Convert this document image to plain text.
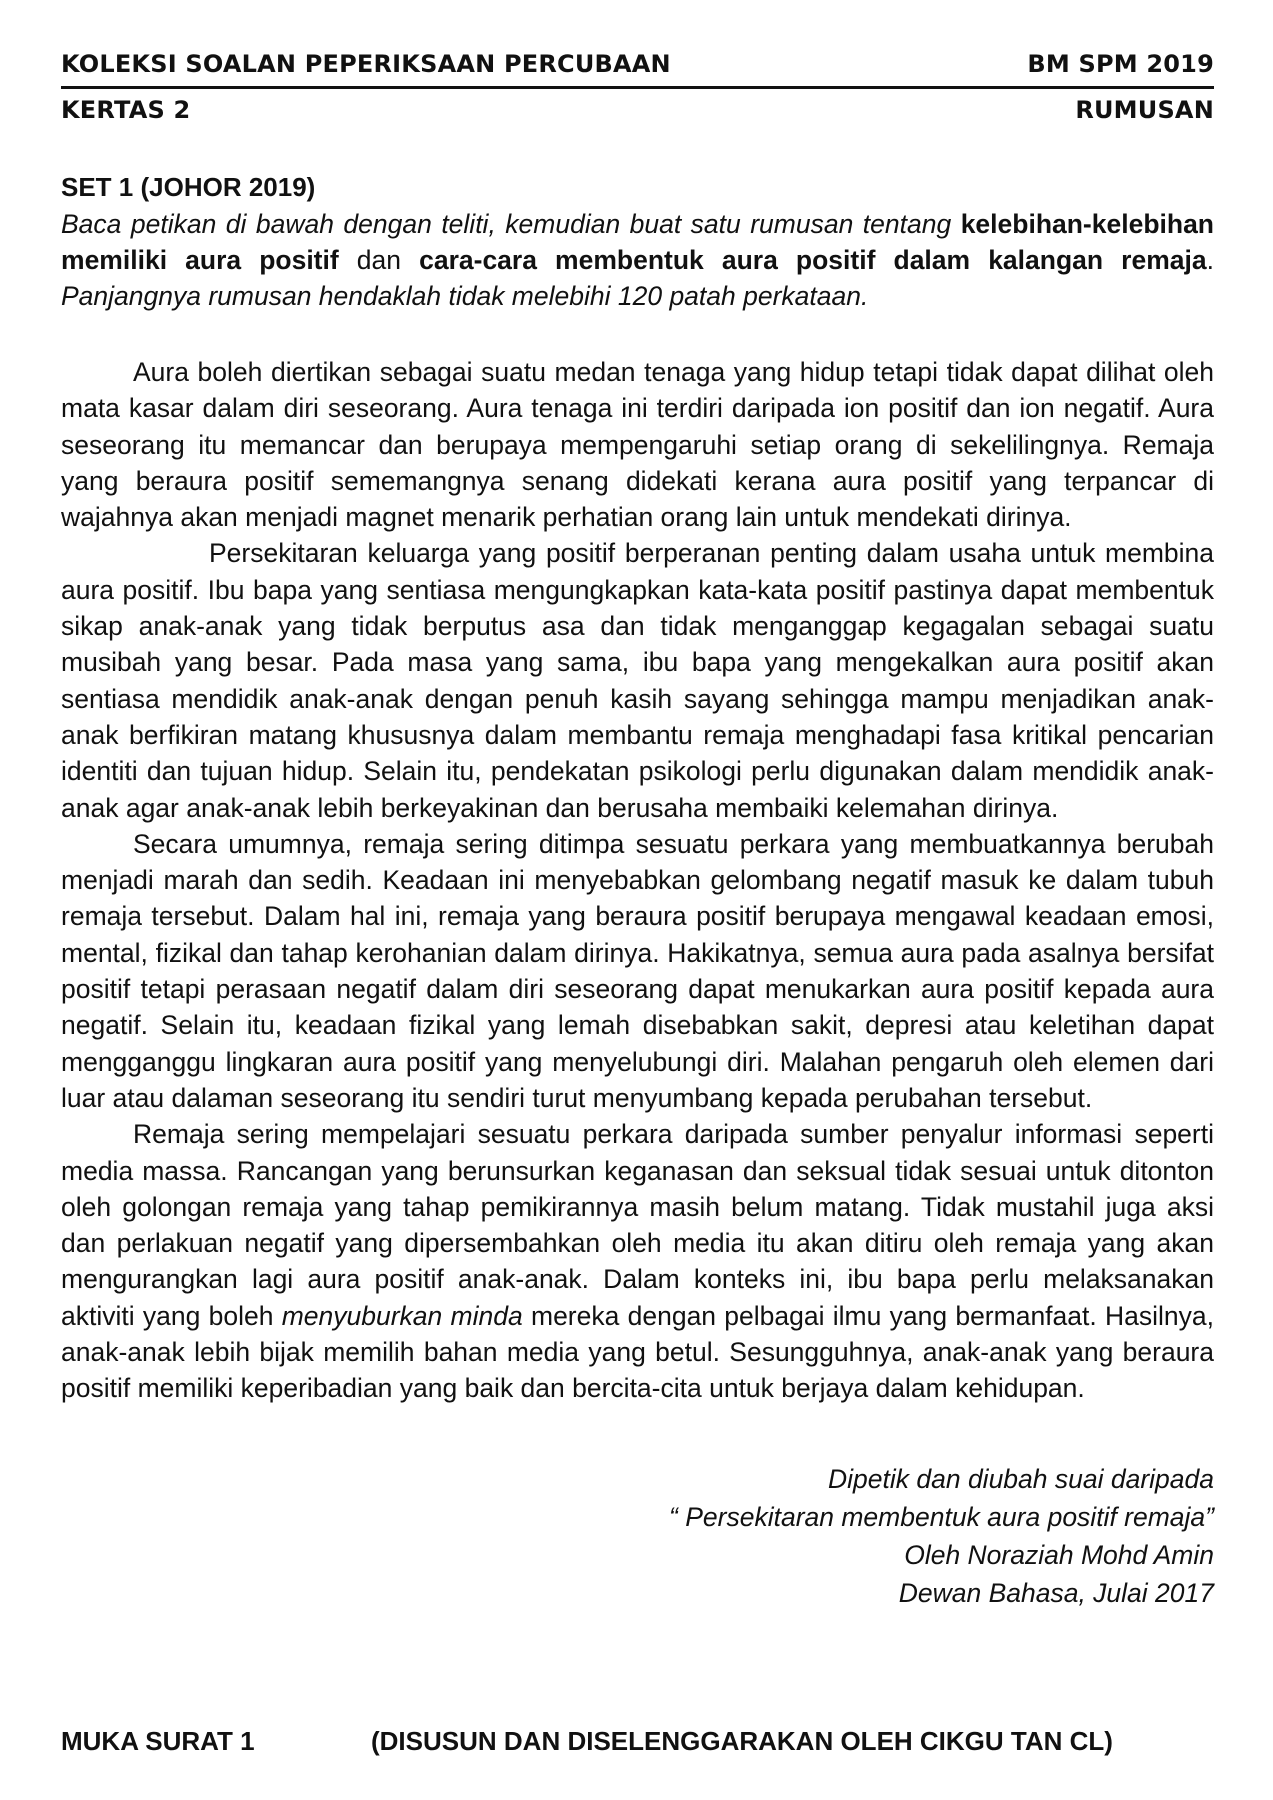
KOLEKSI SOALAN PEPERIKSAAN PERCUBAAN	BM SPM 2019
KERTAS 2	RUMUSAN
SET 1 (JOHOR 2019)
Baca petikan di bawah dengan teliti, kemudian buat satu rumusan tentang kelebihan-kelebihan memiliki aura positif dan cara-cara membentuk aura positif dalam kalangan remaja. Panjangnya rumusan hendaklah tidak melebihi 120 patah perkataan.

Aura boleh diertikan sebagai suatu medan tenaga yang hidup tetapi tidak dapat dilihat oleh mata kasar dalam diri seseorang. Aura tenaga ini terdiri daripada ion positif dan ion negatif. Aura seseorang itu memancar dan berupaya mempengaruhi setiap orang di sekelilingnya. Remaja yang beraura positif sememangnya senang didekati kerana aura positif yang terpancar di wajahnya akan menjadi magnet menarik perhatian orang lain untuk mendekati dirinya.

Persekitaran keluarga yang positif berperanan penting dalam usaha untuk membina aura positif. Ibu bapa yang sentiasa mengungkapkan kata-kata positif pastinya dapat membentuk sikap anak-anak yang tidak berputus asa dan tidak menganggap kegagalan sebagai suatu musibah yang besar. Pada masa yang sama, ibu bapa yang mengekalkan aura positif akan sentiasa mendidik anak-anak dengan penuh kasih sayang sehingga mampu menjadikan anak-anak berfikiran matang khususnya dalam membantu remaja menghadapi fasa kritikal pencarian identiti dan tujuan hidup. Selain itu, pendekatan psikologi perlu digunakan dalam mendidik anak-anak agar anak-anak lebih berkeyakinan dan berusaha membaiki kelemahan dirinya.

Secara umumnya, remaja sering ditimpa sesuatu perkara yang membuatkannya berubah menjadi marah dan sedih. Keadaan ini menyebabkan gelombang negatif masuk ke dalam tubuh remaja tersebut. Dalam hal ini, remaja yang beraura positif berupaya mengawal keadaan emosi, mental, fizikal dan tahap kerohanian dalam dirinya. Hakikatnya, semua aura pada asalnya bersifat positif tetapi perasaan negatif dalam diri seseorang dapat menukarkan aura positif kepada aura negatif. Selain itu, keadaan fizikal yang lemah disebabkan sakit, depresi atau keletihan dapat mengganggu lingkaran aura positif yang menyelubungi diri. Malahan pengaruh oleh elemen dari luar atau dalaman seseorang itu sendiri turut menyumbang kepada perubahan tersebut.

Remaja sering mempelajari sesuatu perkara daripada sumber penyalur informasi seperti media massa. Rancangan yang berunsurkan keganasan dan seksual tidak sesuai untuk ditonton oleh golongan remaja yang tahap pemikirannya masih belum matang. Tidak mustahil juga aksi dan perlakuan negatif yang dipersembahkan oleh media itu akan ditiru oleh remaja yang akan mengurangkan lagi aura positif anak-anak. Dalam konteks ini, ibu bapa perlu melaksanakan aktiviti yang boleh menyuburkan minda mereka dengan pelbagai ilmu yang bermanfaat. Hasilnya, anak-anak lebih bijak memilih bahan media yang betul. Sesungguhnya, anak-anak yang beraura positif memiliki keperibadian yang baik dan bercita-cita untuk berjaya dalam kehidupan.

Dipetik dan diubah suai daripada
“ Persekitaran membentuk aura positif remaja”
Oleh Noraziah Mohd Amin
Dewan Bahasa, Julai 2017
MUKA SURAT 1	(DISUSUN DAN DISELENGGARAKAN OLEH CIKGU TAN CL)
